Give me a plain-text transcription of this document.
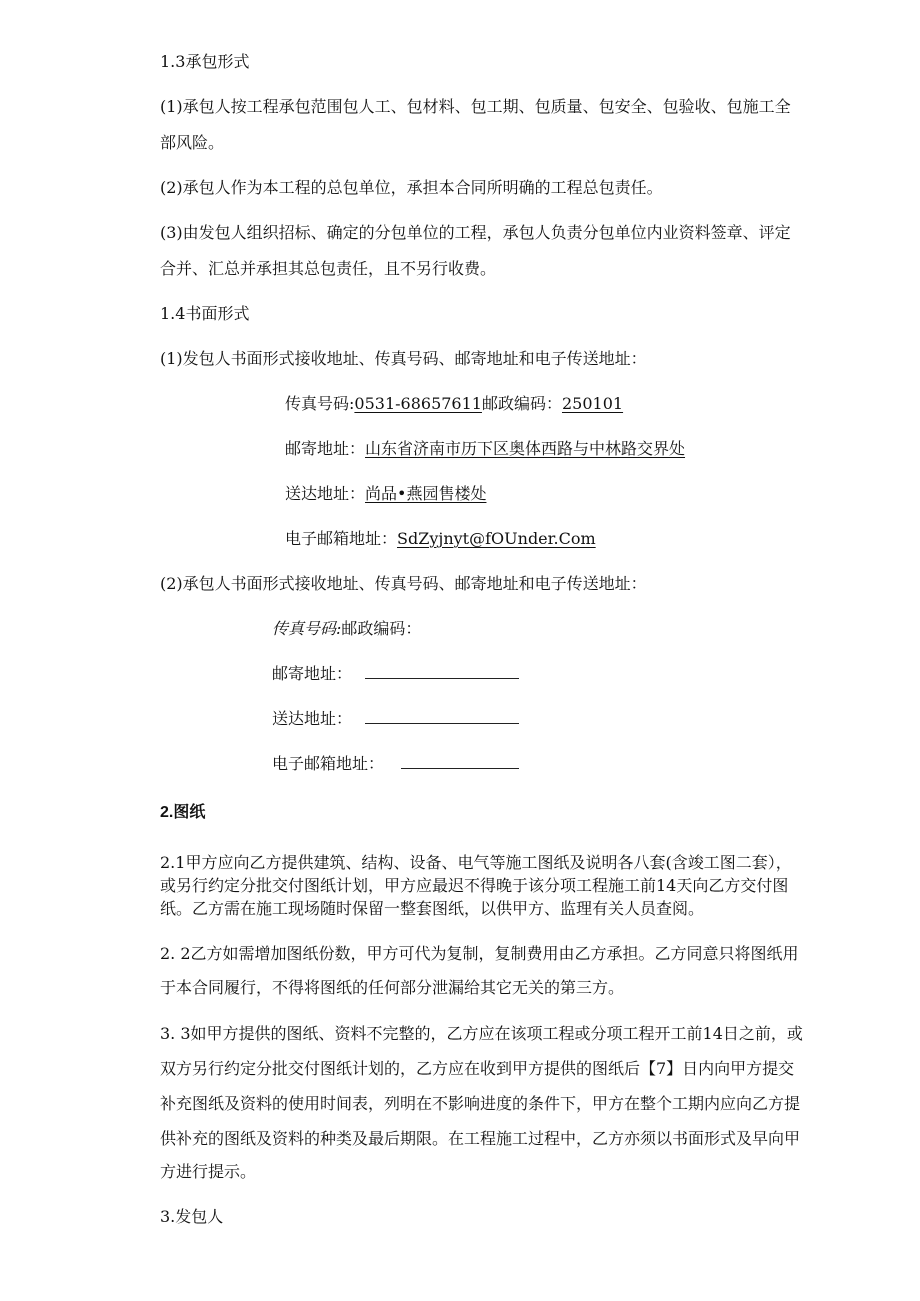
1.3承包形式
(1)承包人按工程承包范围包人工、包材料、包工期、包质量、包安全、包验收、包施工全
部风险。
(2)承包人作为本工程的总包单位，承担本合同所明确的工程总包责任。
(3)由发包人组织招标、确定的分包单位的工程，承包人负责分包单位内业资料签章、评定
合并、汇总并承担其总包责任，且不另行收费。
1.4书面形式
(1)发包人书面形式接收地址、传真号码、邮寄地址和电子传送地址：
传真号码:0531-68657611邮政编码：250101
邮寄地址：山东省济南市历下区奥体西路与中林路交界处
送达地址：尚品•燕园售楼处
电子邮箱地址：SdZyjnyt@fOUnder.Com
(2)承包人书面形式接收地址、传真号码、邮寄地址和电子传送地址：
传真号码:邮政编码：
邮寄地址：
送达地址：
电子邮箱地址：
2.图纸
2.1甲方应向乙方提供建筑、结构、设备、电气等施工图纸及说明各八套(含竣工图二套），
或另行约定分批交付图纸计划，甲方应最迟不得晚于该分项工程施工前14天向乙方交付图
纸。乙方需在施工现场随时保留一整套图纸，以供甲方、监理有关人员查阅。
2. 2乙方如需增加图纸份数，甲方可代为复制，复制费用由乙方承担。乙方同意只将图纸用
于本合同履行，不得将图纸的任何部分泄漏给其它无关的第三方。
3. 3如甲方提供的图纸、资料不完整的，乙方应在该项工程或分项工程开工前14日之前，或
双方另行约定分批交付图纸计划的，乙方应在收到甲方提供的图纸后【7】日内向甲方提交
补充图纸及资料的使用时间表，列明在不影响进度的条件下，甲方在整个工期内应向乙方提
供补充的图纸及资料的种类及最后期限。在工程施工过程中，乙方亦须以书面形式及早向甲
方进行提示。
3.发包人
